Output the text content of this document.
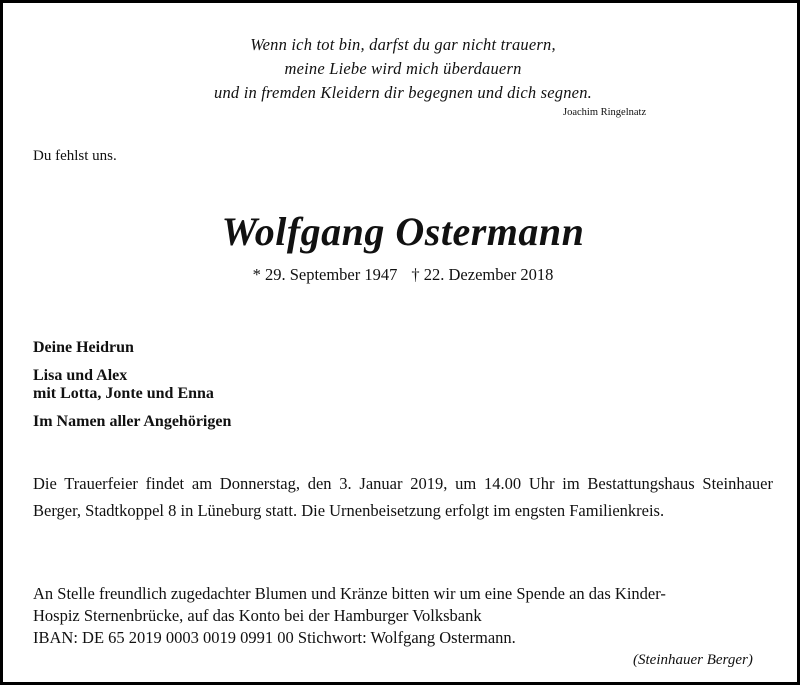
Wenn ich tot bin, darfst du gar nicht trauern,
meine Liebe wird mich überdauern
und in fremden Kleidern dir begegnen und dich segnen.
Joachim Ringelnatz
Du fehlst uns.
Wolfgang Ostermann
* 29. September 1947 † 22. Dezember 2018
Deine Heidrun
Lisa und Alex
mit Lotta, Jonte und Enna
Im Namen aller Angehörigen
Die Trauerfeier findet am Donnerstag, den 3. Januar 2019, um 14.00 Uhr im Bestattungshaus Steinhauer Berger, Stadtkoppel 8 in Lüneburg statt. Die Urnenbeisetzung erfolgt im engsten Familienkreis.
An Stelle freundlich zugedachter Blumen und Kränze bitten wir um eine Spende an das Kinder-
Hospiz Sternenbrücke, auf das Konto bei der Hamburger Volksbank
IBAN: DE 65 2019 0003 0019 0991 00 Stichwort: Wolfgang Ostermann.
(Steinhauer Berger)
